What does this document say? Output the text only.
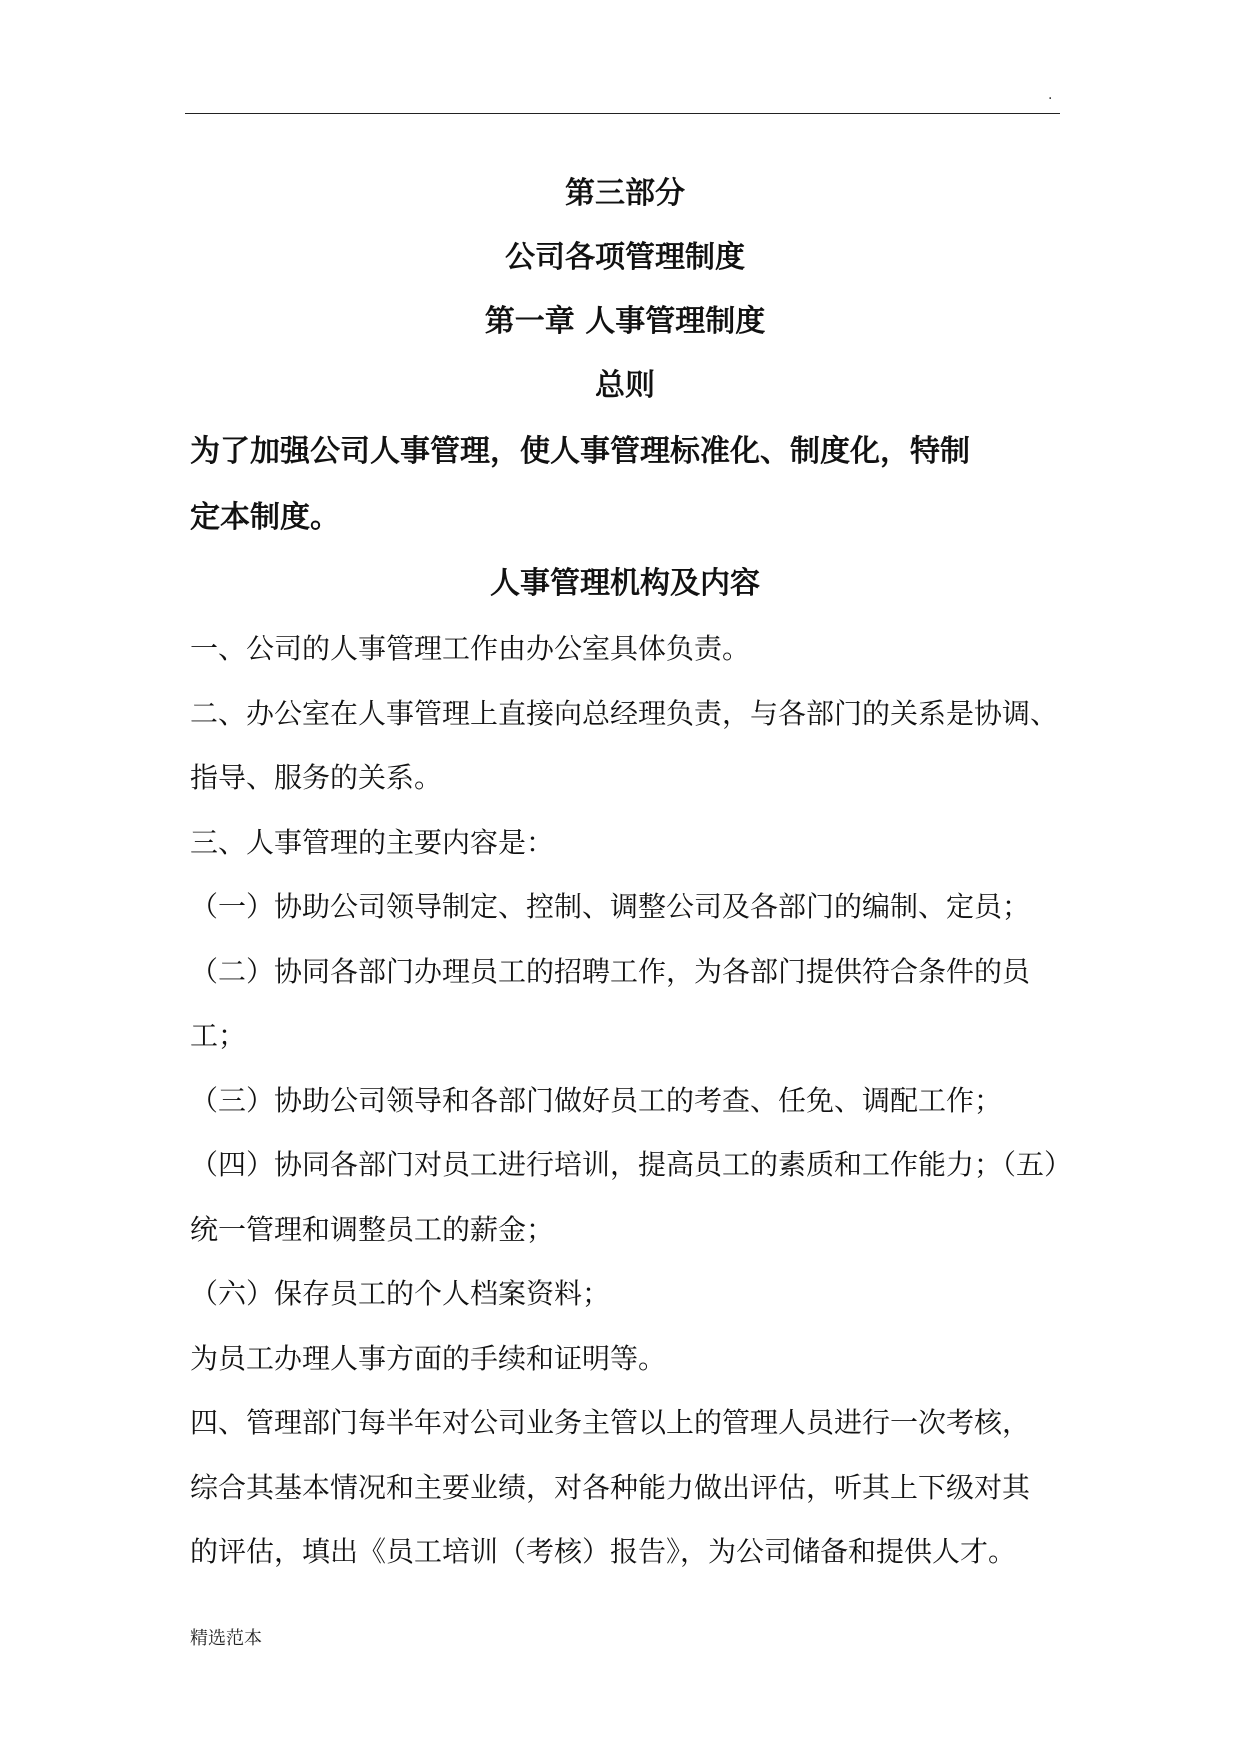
.
第三部分
公司各项管理制度
第一章 人事管理制度
总则
为了加强公司人事管理，使人事管理标准化、制度化，特制
定本制度。
人事管理机构及内容
一、公司的人事管理工作由办公室具体负责。
二、办公室在人事管理上直接向总经理负责，与各部门的关系是协调、
指导、服务的关系。
三、人事管理的主要内容是：
（一）协助公司领导制定、控制、调整公司及各部门的编制、定员；
（二）协同各部门办理员工的招聘工作，为各部门提供符合条件的员
工；
（三）协助公司领导和各部门做好员工的考查、任免、调配工作；
（四）协同各部门对员工进行培训，提高员工的素质和工作能力；（五）
统一管理和调整员工的薪金；
（六）保存员工的个人档案资料；
为员工办理人事方面的手续和证明等。
四、管理部门每半年对公司业务主管以上的管理人员进行一次考核，
综合其基本情况和主要业绩，对各种能力做出评估，听其上下级对其
的评估，填出《员工培训（考核）报告》，为公司储备和提供人才。
精选范本
